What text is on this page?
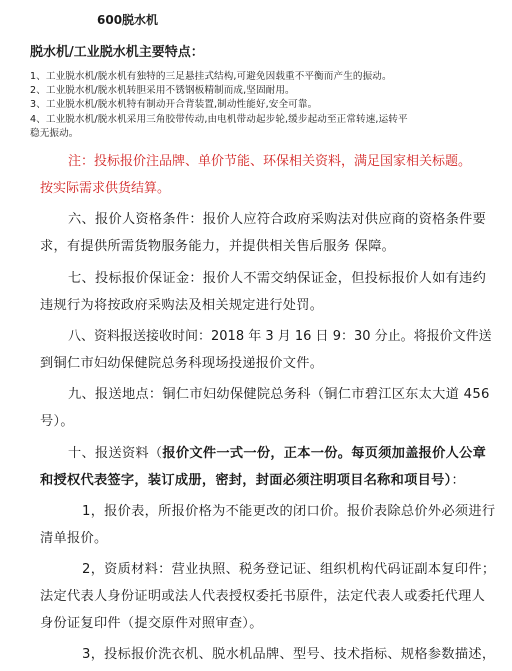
600脱水机

脱水机/工业脱水机主要特点：

1、工业脱水机/脱水机有独特的三足悬挂式结构,可避免因载重不平衡而产生的振动。

2、工业脱水机/脱水机转胆采用不锈钢板精制而成,坚固耐用。

3、工业脱水机/脱水机特有制动开合背装置,制动性能好,安全可靠。

4、工业脱水机/脱水机采用三角胶带传动,由电机带动起步轮,缓步起动至正常转速,运转平

稳无振动。

注：投标报价注品牌、单价节能、环保相关资料，满足国家相关标题。

按实际需求供货结算。

六、报价人资格条件：报价人应符合政府采购法对供应商的资格条件要

求，有提供所需货物服务能力，并提供相关售后服务 保障。

七、投标报价保证金：报价人不需交纳保证金，但投标报价人如有违约

违规行为将按政府采购法及相关规定进行处罚。

八、资料报送接收时间：2018 年 3 月 16 日 9：30 分止。将报价文件送

到铜仁市妇幼保健院总务科现场投递报价文件。

九、报送地点：铜仁市妇幼保健院总务科（铜仁市碧江区东太大道 456

号）。

十、报送资料（报价文件一式一份，正本一份。每页须加盖报价人公章

和授权代表签字，装订成册，密封，封面必须注明项目名称和项目号）：

1，报价表，所报价格为不能更改的闭口价。报价表除总价外必须进行

清单报价。

2，资质材料：营业执照、税务登记证、组织机构代码证副本复印件；

法定代表人身份证明或法人代表授权委托书原件，法定代表人或委托代理人

身份证复印件（提交原件对照审查）。

3，投标报价洗衣机、脱水机品牌、型号、技术指标、规格参数描述，
